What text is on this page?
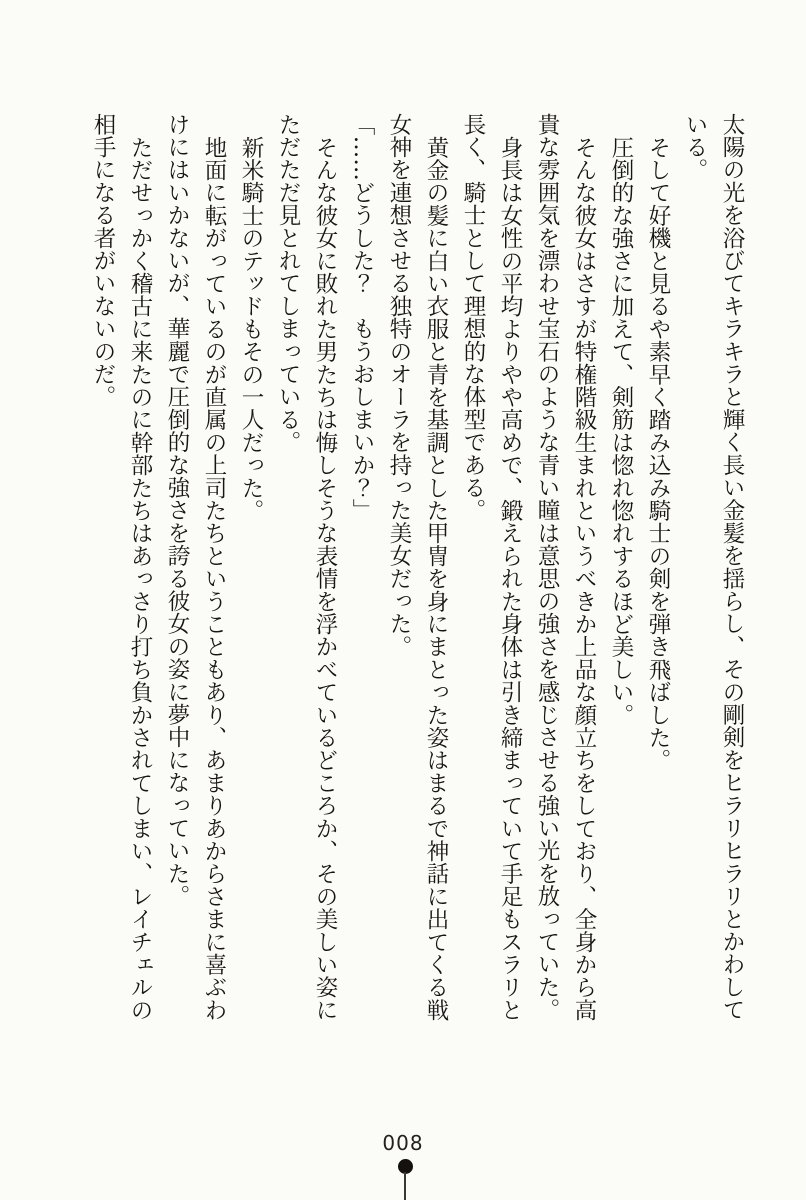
太陽の光を浴びてキラキラと輝く長い金髪を揺らし、その剛剣をヒラリヒラリとかわしている。

そして好機と見るや素早く踏み込み騎士の剣を弾き飛ばした。

圧倒的な強さに加えて、剣筋は惚れ惚れするほど美しい。

そんな彼女はさすが特権階級生まれというべきか上品な顔立ちをしており、全身から高貴な雰囲気を漂わせ宝石のような青い瞳は意思の強さを感じさせる強い光を放っていた。

身長は女性の平均よりやや高めで、鍛えられた身体は引き締まっていて手足もスラリと長く、騎士として理想的な体型である。

黄金の髪に白い衣服と青を基調とした甲冑を身にまとった姿はまるで神話に出てくる戦女神を連想させる独特のオーラを持った美女だった。

「……どうした？　もうおしまいか？」

そんな彼女に敗れた男たちは悔しそうな表情を浮かべているどころか、その美しい姿にただただ見とれてしまっている。

新米騎士のテッドもその一人だった。

地面に転がっているのが直属の上司たちということもあり、あまりあからさまに喜ぶわけにはいかないが、華麗で圧倒的な強さを誇る彼女の姿に夢中になっていた。

ただせっかく稽古に来たのに幹部たちはあっさり打ち負かされてしまい、レイチェルの相手になる者がいないのだ。

008
